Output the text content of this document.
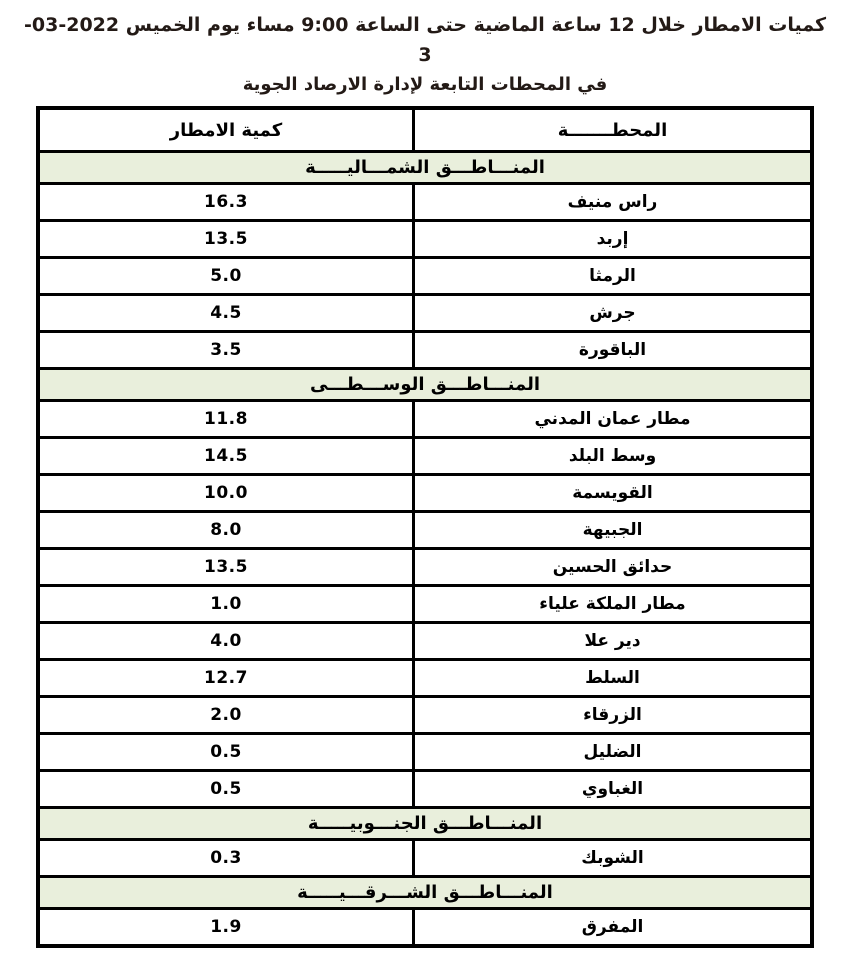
كميات الامطار خلال 12 ساعة الماضية حتى الساعة 9:00 مساء يوم الخميس 2022-03-3
في المحطات التابعة لإدارة الارصاد الجوية
المحطـــــــة	كمية الامطار
المنـــاطـــق الشمـــاليـــــة	
راس منيف	16.3
إربد	13.5
الرمثا	5.0
جرش	4.5
الباقورة	3.5
المنـــاطـــق الوســـطـــى	
مطار عمان المدني	11.8
وسط البلد	14.5
القويسمة	10.0
الجبيهة	8.0
حدائق الحسين	13.5
مطار الملكة علياء	1.0
دير علا	4.0
السلط	12.7
الزرقاء	2.0
الضليل	0.5
الغباوي	0.5
المنـــاطـــق الجنـــوبيـــــة	
الشوبك	0.3
المنـــاطـــق الشـــرقـــيـــــة	
المفرق	1.9
